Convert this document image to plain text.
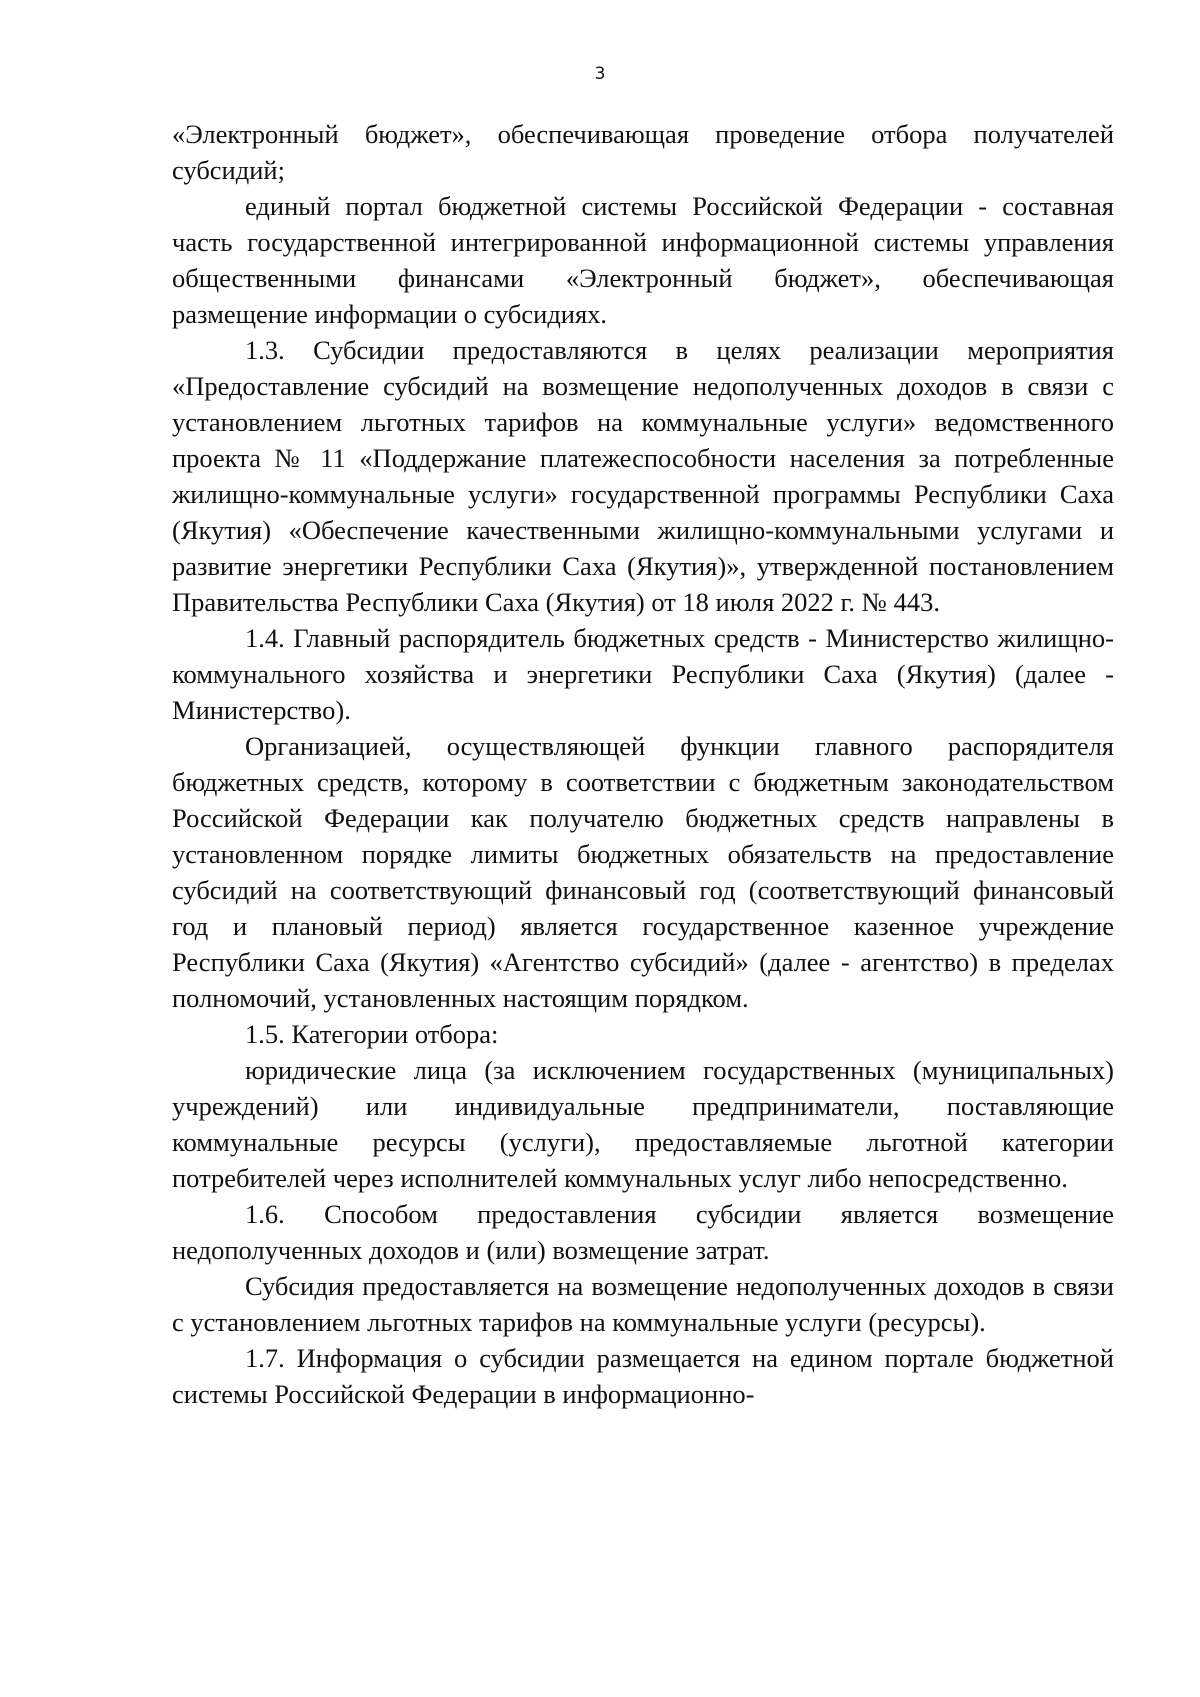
3

«Электронный бюджет», обеспечивающая проведение отбора получателей субсидий;

единый портал бюджетной системы Российской Федерации - составная часть государственной интегрированной информационной системы управления общественными финансами «Электронный бюджет», обеспечивающая размещение информации о субсидиях.

1.3. Субсидии предоставляются в целях реализации мероприятия «Предоставление субсидий на возмещение недополученных доходов в связи с установлением льготных тарифов на коммунальные услуги» ведомственного проекта № 11 «Поддержание платежеспособности населения за потребленные жилищно-коммунальные услуги» государственной программы Республики Саха (Якутия) «Обеспечение качественными жилищно-коммунальными услугами и развитие энергетики Республики Саха (Якутия)», утвержденной постановлением Правительства Республики Саха (Якутия) от 18 июля 2022 г. № 443.

1.4. Главный распорядитель бюджетных средств - Министерство жилищно-коммунального хозяйства и энергетики Республики Саха (Якутия) (далее - Министерство).

Организацией, осуществляющей функции главного распорядителя бюджетных средств, которому в соответствии с бюджетным законодательством Российской Федерации как получателю бюджетных средств направлены в установленном порядке лимиты бюджетных обязательств на предоставление субсидий на соответствующий финансовый год (соответствующий финансовый год и плановый период) является государственное казенное учреждение Республики Саха (Якутия) «Агентство субсидий» (далее - агентство) в пределах полномочий, установленных настоящим порядком.

1.5. Категории отбора:

юридические лица (за исключением государственных (муниципальных) учреждений) или индивидуальные предприниматели, поставляющие коммунальные ресурсы (услуги), предоставляемые льготной категории потребителей через исполнителей коммунальных услуг либо непосредственно.

1.6. Способом предоставления субсидии является возмещение недополученных доходов и (или) возмещение затрат.

Субсидия предоставляется на возмещение недополученных доходов в связи с установлением льготных тарифов на коммунальные услуги (ресурсы).

1.7. Информация о субсидии размещается на едином портале бюджетной системы Российской Федерации в информационно-
